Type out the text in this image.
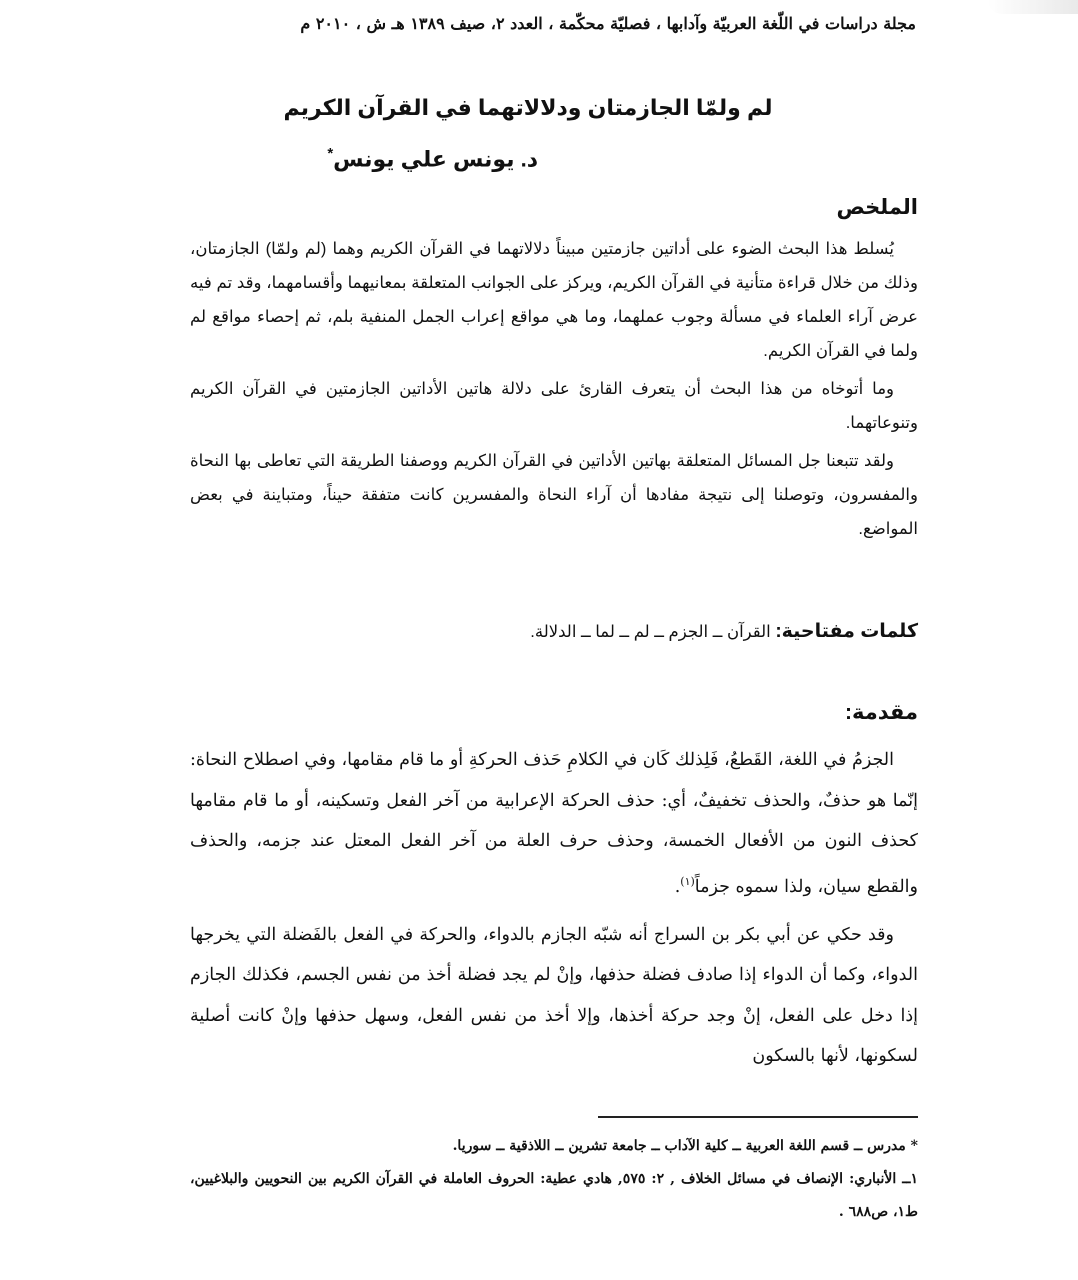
مجلة دراسات في اللّغة العربيّة وآدابها ، فصليّة محكّمة ، العدد ٢، صيف ١٣٨٩ هـ ش ، ٢٠١٠ م
لم ولمّا الجازمتان ودلالاتهما في القرآن الكريم
د. يونس علي يونس*
الملخص

يُسلط هذا البحث الضوء على أداتين جازمتين مبيناً دلالاتهما في القرآن الكريم وهما (لم ولمّا) الجازمتان، وذلك من خلال قراءة متأنية في القرآن الكريم، ويركز على الجوانب المتعلقة بمعانيهما وأقسامهما، وقد تم فيه عرض آراء العلماء في مسألة وجوب عملهما، وما هي مواقع إعراب الجمل المنفية بلم، ثم إحصاء مواقع لم ولما في القرآن الكريم.

وما أتوخاه من هذا البحث أن يتعرف القارئ على دلالة هاتين الأداتين الجازمتين في القرآن الكريم وتنوعاتهما.

ولقد تتبعنا جل المسائل المتعلقة بهاتين الأداتين في القرآن الكريم ووصفنا الطريقة التي تعاطى بها النحاة والمفسرون، وتوصلنا إلى نتيجة مفادها أن آراء النحاة والمفسرين كانت متفقة حيناً، ومتباينة في بعض المواضع.

كلمات مفتاحية: القرآن ــ الجزم ــ لم ــ لما ــ الدلالة.
مقدمة:

الجزمُ في اللغة، القَطعُ، فَلِذلك كَان في الكلامِ حَذف الحركةِ أو ما قام مقامها، وفي اصطلاح النحاة: إنّما هو حذفٌ، والحذف تخفيفٌ، أي: حذف الحركة الإعرابية من آخر الفعل وتسكينه، أو ما قام مقامها كحذف النون من الأفعال الخمسة، وحذف حرف العلة من آخر الفعل المعتل عند جزمه، والحذف والقطع سيان، ولذا سموه جزماً$^{(١)}$.

وقد حكي عن أبي بكر بن السراج أنه شبّه الجازم بالدواء، والحركة في الفعل بالفَضلة التي يخرجها الدواء، وكما أن الدواء إذا صادف فضلة حذفها، وإنْ لم يجد فضلة أخذ من نفس الجسم، فكذلك الجازم إذا دخل على الفعل، إنْ وجد حركة أخذها، وإلا أخذ من نفس الفعل، وسهل حذفها وإنْ كانت أصلية لسكونها، لأنها بالسكون

* مدرس ــ قسم اللغة العربية ــ كلية الآداب ــ جامعة تشرين ــ اللاذقية ــ سوريا.

١ــ الأنباري: الإنصاف في مسائل الخلاف , ٢: ٥٧٥, هادي عطية: الحروف العاملة في القرآن الكريم بين النحويين والبلاغيين، ط١، ص٦٨٨ .
